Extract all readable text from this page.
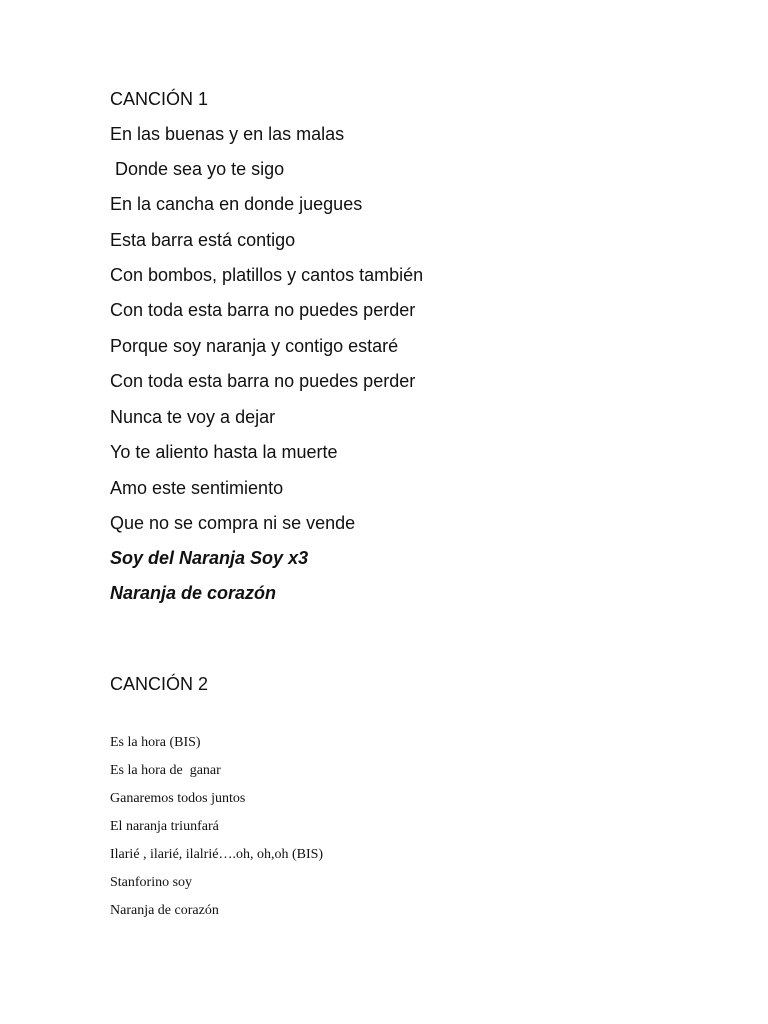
CANCIÓN 1
En las buenas y en las malas
Donde sea yo te sigo
En la cancha en donde juegues
Esta barra está contigo
Con bombos, platillos y cantos también
Con toda esta barra no puedes perder
Porque soy naranja y contigo estaré
Con toda esta barra no puedes perder
Nunca te voy a dejar
Yo te aliento hasta la muerte
Amo este sentimiento
Que no se compra ni se vende
Soy del Naranja Soy x3
Naranja de corazón
CANCIÓN 2
Es la hora (BIS)
Es la hora de  ganar
Ganaremos todos juntos
El naranja triunfará
Ilarié , ilarié, ilalrié….oh, oh,oh (BIS)
Stanforino soy
Naranja de corazón
